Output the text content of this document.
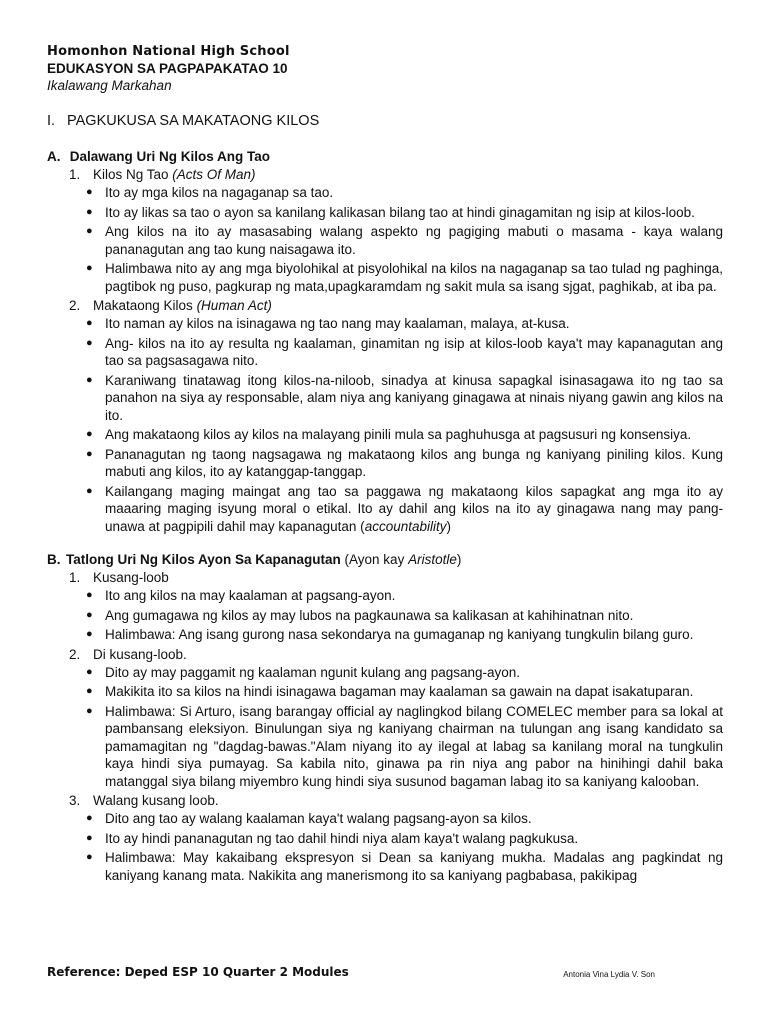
Homonhon National High School

EDUKASYON SA PAGPAPAKATAO 10

Ikalawang Markahan

I. PAGKUKUSA SA MAKATAONG KILOS
A. Dalawang Uri Ng Kilos Ang Tao
1. Kilos Ng Tao (Acts Of Man)
● Ito ay mga kilos na nagaganap sa tao.
● Ito ay likas sa tao o ayon sa kanilang kalikasan bilang tao at hindi ginagamitan ng isip at kilos-loob.
● Ang kilos na ito ay masasabing walang aspekto ng pagiging mabuti o masama - kaya walang pananagutan ang tao kung naisagawa ito.
● Halimbawa nito ay ang mga biyolohikal at pisyolohikal na kilos na nagaganap sa tao tulad ng paghinga, pagtibok ng puso, pagkurap ng mata,upagkaramdam ng sakit mula sa isang sjgat, paghikab, at iba pa.
2. Makataong Kilos (Human Act)
● Ito naman ay kilos na isinagawa ng tao nang may kaalaman, malaya, at-kusa.
● Ang- kilos na ito ay resulta ng kaalaman, ginamitan ng isip at kilos-loob kaya't may kapanagutan ang tao sa pagsasagawa nito.
● Karaniwang tinatawag itong kilos-na-niloob, sinadya at kinusa sapagkal isinasagawa ito ng tao sa panahon na siya ay responsable, alam niya ang kaniyang ginagawa at ninais niyang gawin ang kilos na ito.
● Ang makataong kilos ay kilos na malayang pinili mula sa paghuhusga at pagsusuri ng konsensiya.
● Pananagutan ng taong nagsagawa ng makataong kilos ang bunga ng kaniyang piniling kilos. Kung mabuti ang kilos, ito ay katanggap-tanggap.
● Kailangang maging maingat ang tao sa paggawa ng makataong kilos sapagkat ang mga ito ay maaaring maging isyung moral o etikal. Ito ay dahil ang kilos na ito ay ginagawa nang may pang-unawa at pagpipili dahil may kapanagutan (accountability)
B. Tatlong Uri Ng Kilos Ayon Sa Kapanagutan (Ayon kay Aristotle)
1. Kusang-loob
● Ito ang kilos na may kaalaman at pagsang-ayon.
● Ang gumagawa ng kilos ay may lubos na pagkaunawa sa kalikasan at kahihinatnan nito.
● Halimbawa: Ang isang gurong nasa sekondarya na gumaganap ng kaniyang tungkulin bilang guro.
2. Di kusang-loob.
● Dito ay may paggamit ng kaalaman ngunit kulang ang pagsang-ayon.
● Makikita ito sa kilos na hindi isinagawa bagaman may kaalaman sa gawain na dapat isakatuparan.
● Halimbawa: Si Arturo, isang barangay official ay naglingkod bilang COMELEC member para sa lokal at pambansang eleksiyon. Binulungan siya ng kaniyang chairman na tulungan ang isang kandidato sa pamamagitan ng "dagdag-bawas."Alam niyang ito ay ilegal at labag sa kanilang moral na tungkulin kaya hindi siya pumayag. Sa kabila nito, ginawa pa rin niya ang pabor na hinihingi dahil baka matanggal siya bilang miyembro kung hindi siya susunod bagaman labag ito sa kaniyang kalooban.
3. Walang kusang loob.
● Dito ang tao ay walang kaalaman kaya't walang pagsang-ayon sa kilos.
● Ito ay hindi pananagutan ng tao dahil hindi niya alam kaya't walang pagkukusa.
● Halimbawa: May kakaibang ekspresyon si Dean sa kaniyang mukha. Madalas ang pagkindat ng kaniyang kanang mata. Nakikita ang manerismong ito sa kaniyang pagbabasa, pakikipag
Reference: Deped ESP 10 Quarter 2 Modules	Antonia Vina Lydia V. Son
